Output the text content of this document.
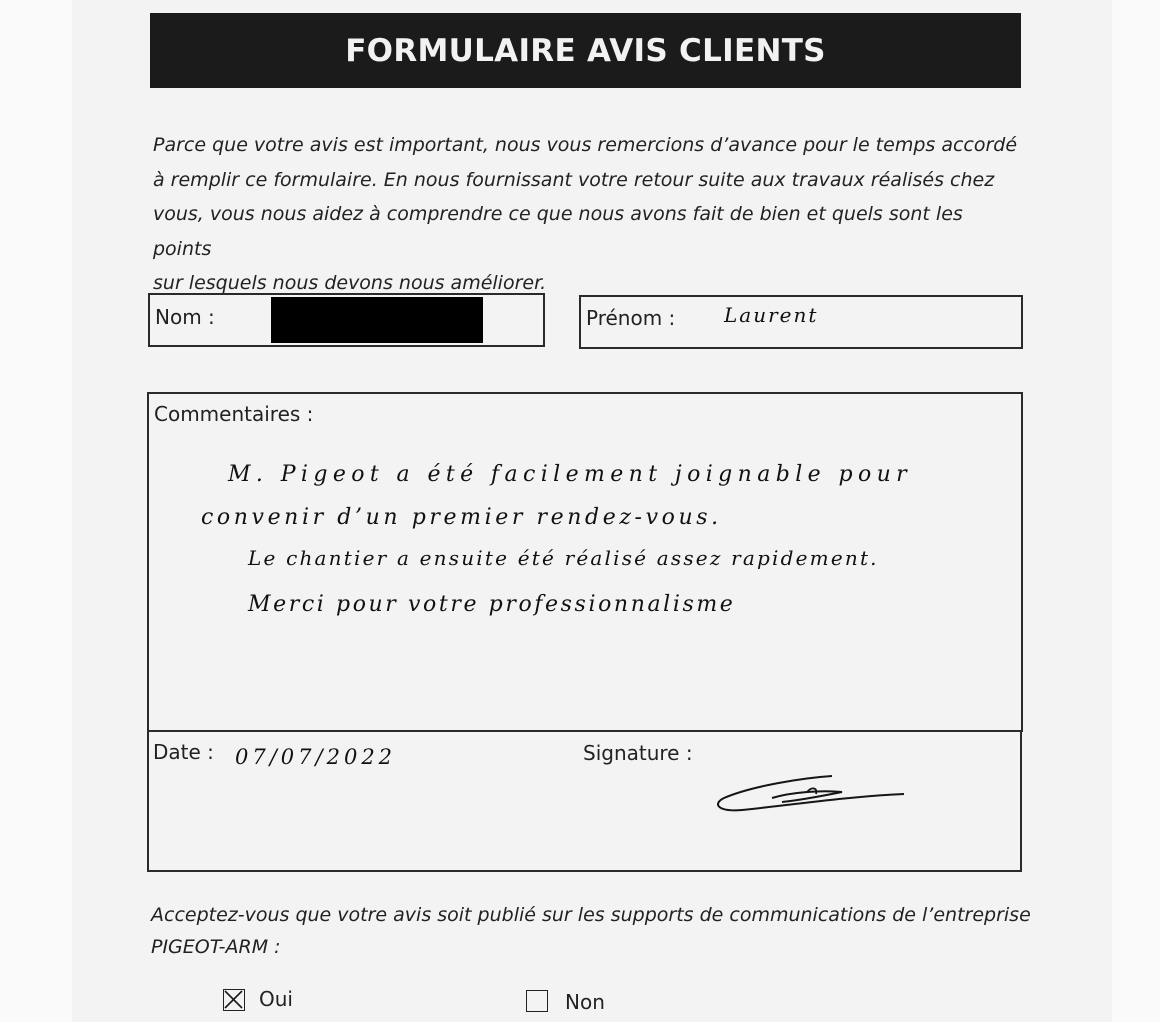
FORMULAIRE AVIS CLIENTS
Parce que votre avis est important, nous vous remercions d’avance pour le temps accordé
à remplir ce formulaire. En nous fournissant votre retour suite aux travaux réalisés chez
vous, vous nous aidez à comprendre ce que nous avons fait de bien et quels sont les points
sur lesquels nous devons nous améliorer.
Nom :	Prénom : Laurent
Commentaires :
M. Pigeot a été facilement joignable pour
convenir d’un premier rendez-vous.
Le chantier a ensuite été réalisé assez rapidement.
Merci pour votre professionnalisme
Date : 07/07/2022	Signature :
Acceptez-vous que votre avis soit publié sur les supports de communications de l’entreprise
PIGEOT-ARM :
Oui	Non
